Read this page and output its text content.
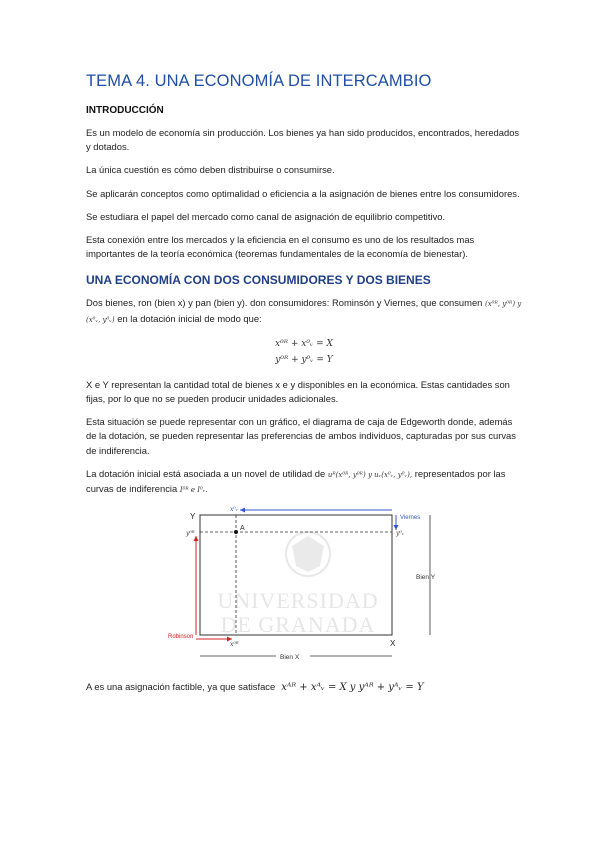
TEMA 4. UNA ECONOMÍA DE INTERCAMBIO
INTRODUCCIÓN

Es un modelo de economía sin producción. Los bienes ya han sido producidos, encontrados, heredados y dotados.

La única cuestión es cómo deben distribuirse o consumirse.

Se aplicarán conceptos como optimalidad o eficiencia a la asignación de bienes entre los consumidores.

Se estudiara el papel del mercado como canal de asignación de equilibrio competitivo.

Esta conexión entre los mercados y la eficiencia en el consumo es uno de los resultados mas importantes de la teoría económica (teoremas fundamentales de la economía de bienestar).

UNA ECONOMÍA CON DOS CONSUMIDORES Y DOS BIENES

Dos bienes, ron (bien x) y pan (bien y). don consumidores: Rominsón y Viernes, que consumen (x⁰ᴿ, y⁰ᴿ) y (x⁰ᵥ, y⁰ᵥ) en la dotación inicial de modo que:

x⁰ᴿ + x⁰ᵥ = X
y⁰ᴿ + y⁰ᵥ = Y

X e Y representan la cantidad total de bienes x e y disponibles en la económica. Estas cantidades son fijas, por lo que no se pueden producir unidades adicionales.

Esta situación se puede representar con un gráfico, el diagrama de caja de Edgeworth donde, además de la dotación, se pueden representar las preferencias de ambos individuos, capturadas por sus curvas de indiferencia.

La dotación inicial está asociada a un novel de utilidad de uᴿ(x⁰ᴿ, y⁰ᴿ) y uᵥ(x⁰ᵥ, y⁰ᵥ), representados por las curvas de indiferencia I⁰ᴿ e I⁰ᵥ.

UNIVERSIDAD
DE GRANADA
A
Y
X
y⁰ᴿ
x⁰ᴿ
x⁰ᵥ
y⁰ᵥ
Viernes
Robinson
Bien Y
Bien X

A es una asignación factible, ya que satisface xᴬᴿ + xᴬᵥ = X y yᴬᴿ + yᴬᵥ = Y
